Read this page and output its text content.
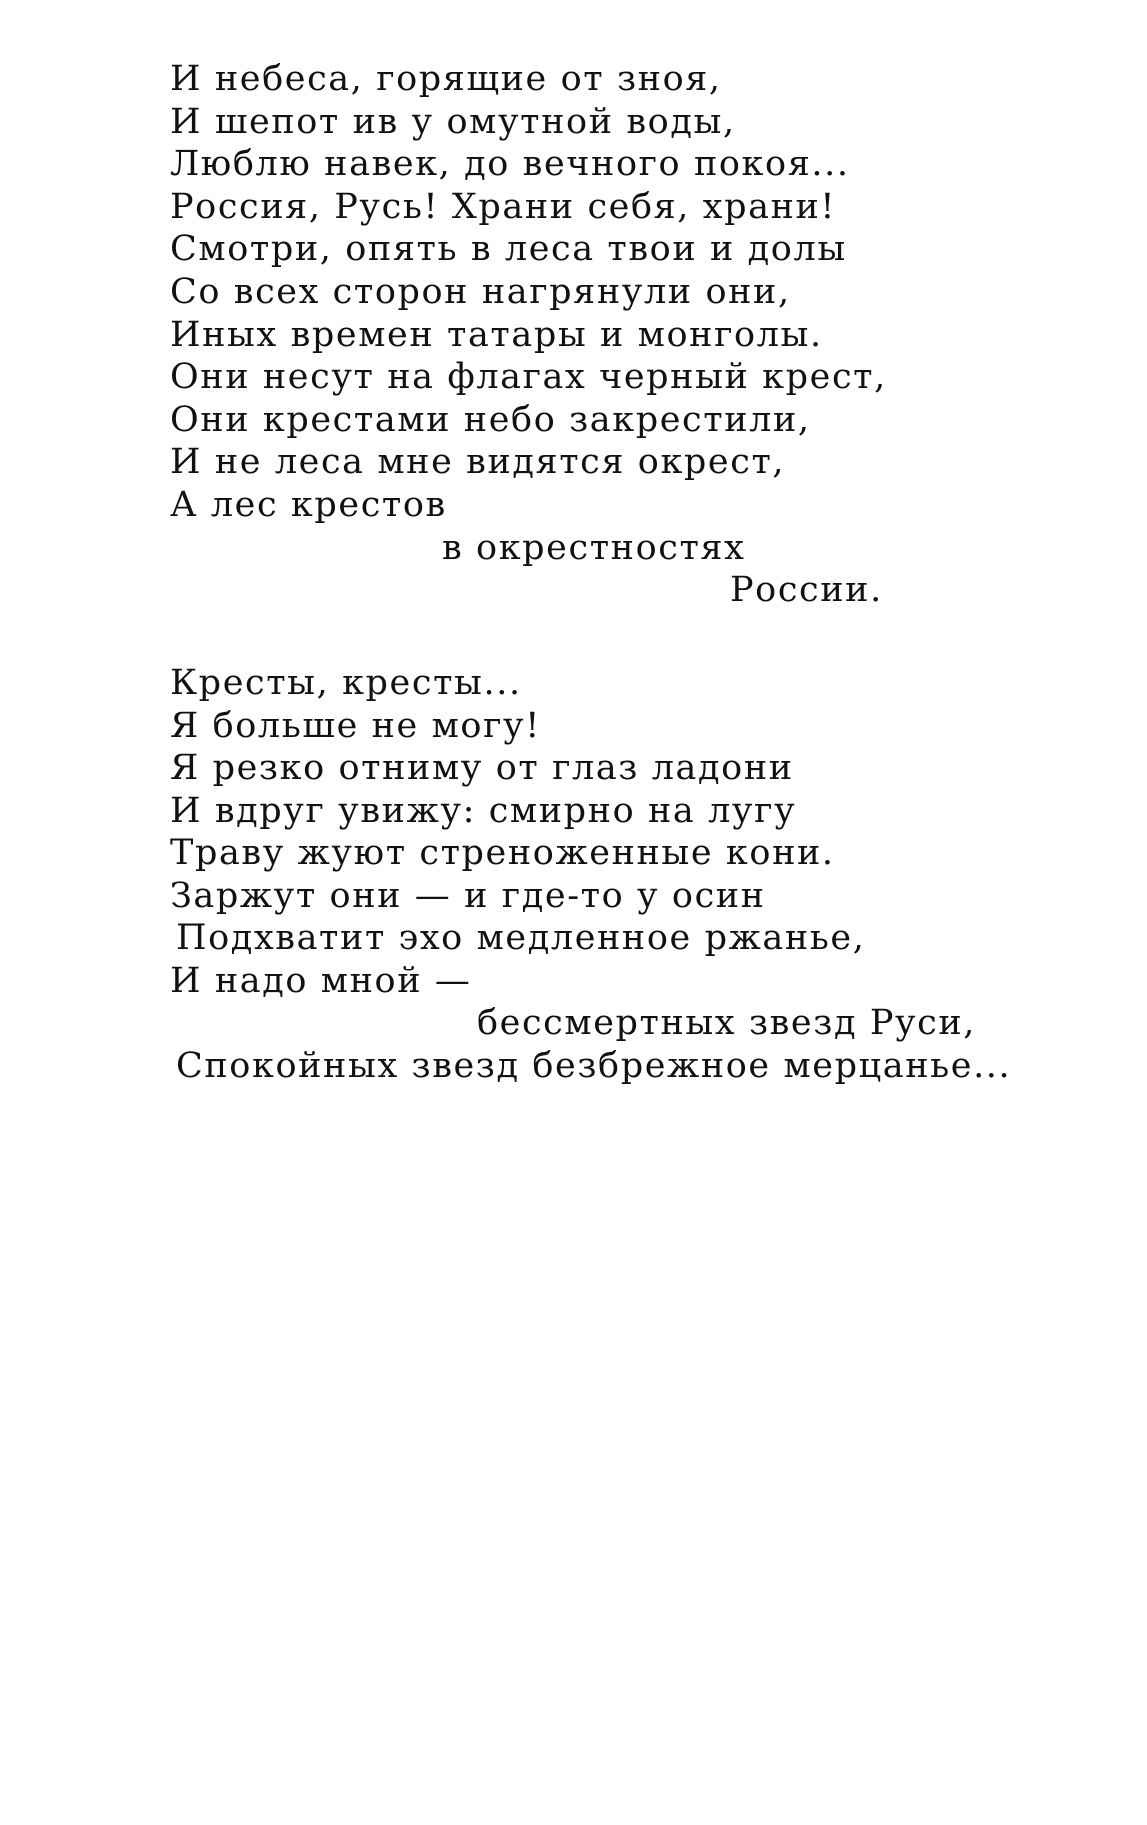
И небеса, горящие от зноя,
И шепот ив у омутной воды,
Люблю навек, до вечного покоя...
Россия, Русь! Храни себя, храни!
Смотри, опять в леса твои и долы
Со всех сторон нагрянули они,
Иных времен татары и монголы.
Они несут на флагах черный крест,
Они крестами небо закрестили,
И не леса мне видятся окрест,
А лес крестов
в окрестностях
России.
Кресты, кресты...
Я больше не могу!
Я резко отниму от глаз ладони
И вдруг увижу: смирно на лугу
Траву жуют стреноженные кони.
Заржут они — и где-то у осин
Подхватит эхо медленное ржанье,
И надо мной —
бессмертных звезд Руси,
Спокойных звезд безбрежное мерцанье...
